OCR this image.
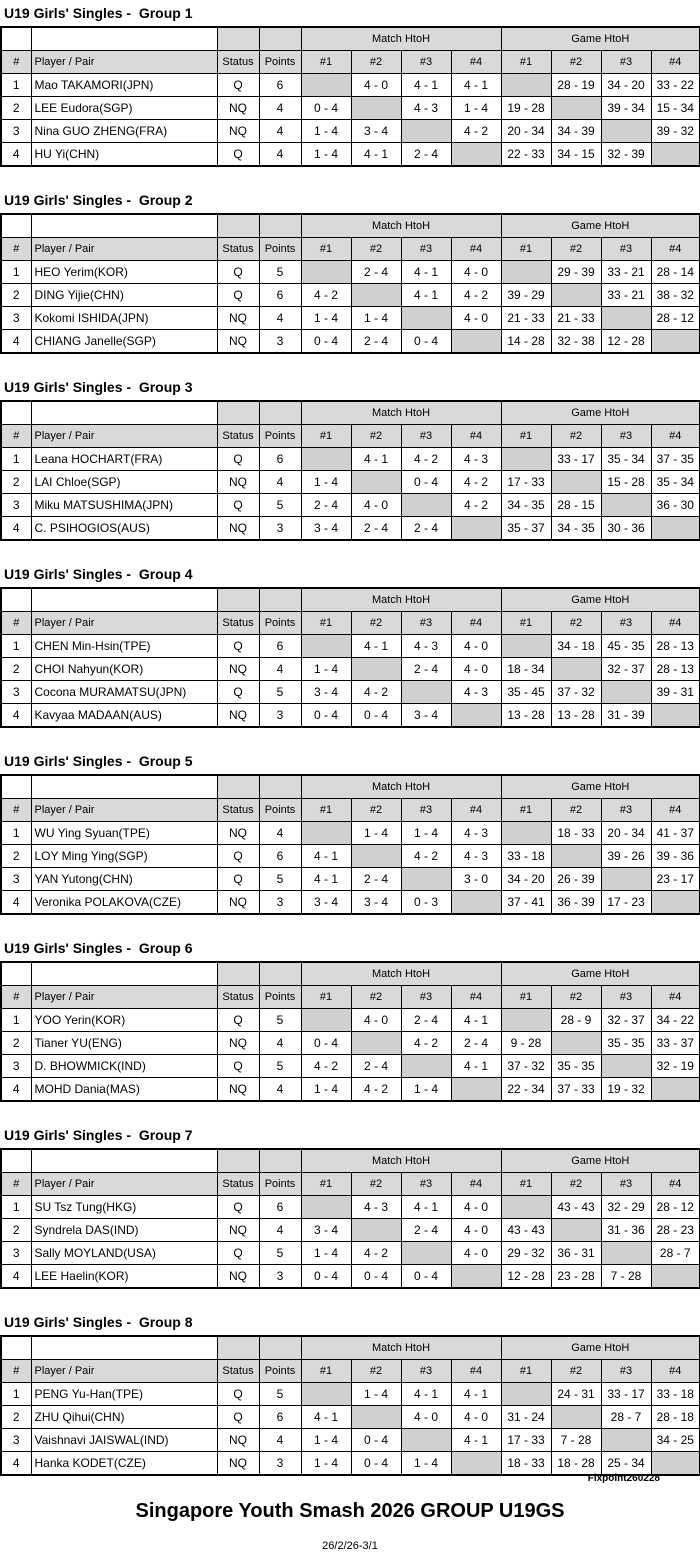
U19 Girls' Singles -  Group 1
				Match HtoH				Game HtoH			
#	Player / Pair	Status	Points	#1	#2	#3	#4	#1	#2	#3	#4
1	Mao TAKAMORI(JPN)	Q	6		4 - 0	4 - 1	4 - 1		28 - 19	34 - 20	33 - 22
2	LEE Eudora(SGP)	NQ	4	0 - 4		4 - 3	1 - 4	19 - 28		39 - 34	15 - 34
3	Nina GUO ZHENG(FRA)	NQ	4	1 - 4	3 - 4		4 - 2	20 - 34	34 - 39		39 - 32
4	HU Yi(CHN)	Q	4	1 - 4	4 - 1	2 - 4		22 - 33	34 - 15	32 - 39	
U19 Girls' Singles -  Group 2
				Match HtoH				Game HtoH			
#	Player / Pair	Status	Points	#1	#2	#3	#4	#1	#2	#3	#4
1	HEO Yerim(KOR)	Q	5		2 - 4	4 - 1	4 - 0		29 - 39	33 - 21	28 - 14
2	DING Yijie(CHN)	Q	6	4 - 2		4 - 1	4 - 2	39 - 29		33 - 21	38 - 32
3	Kokomi ISHIDA(JPN)	NQ	4	1 - 4	1 - 4		4 - 0	21 - 33	21 - 33		28 - 12
4	CHIANG Janelle(SGP)	NQ	3	0 - 4	2 - 4	0 - 4		14 - 28	32 - 38	12 - 28	
U19 Girls' Singles -  Group 3
				Match HtoH				Game HtoH			
#	Player / Pair	Status	Points	#1	#2	#3	#4	#1	#2	#3	#4
1	Leana HOCHART(FRA)	Q	6		4 - 1	4 - 2	4 - 3		33 - 17	35 - 34	37 - 35
2	LAI Chloe(SGP)	NQ	4	1 - 4		0 - 4	4 - 2	17 - 33		15 - 28	35 - 34
3	Miku MATSUSHIMA(JPN)	Q	5	2 - 4	4 - 0		4 - 2	34 - 35	28 - 15		36 - 30
4	C. PSIHOGIOS(AUS)	NQ	3	3 - 4	2 - 4	2 - 4		35 - 37	34 - 35	30 - 36	
U19 Girls' Singles -  Group 4
				Match HtoH				Game HtoH			
#	Player / Pair	Status	Points	#1	#2	#3	#4	#1	#2	#3	#4
1	CHEN Min-Hsin(TPE)	Q	6		4 - 1	4 - 3	4 - 0		34 - 18	45 - 35	28 - 13
2	CHOI Nahyun(KOR)	NQ	4	1 - 4		2 - 4	4 - 0	18 - 34		32 - 37	28 - 13
3	Cocona MURAMATSU(JPN)	Q	5	3 - 4	4 - 2		4 - 3	35 - 45	37 - 32		39 - 31
4	Kavyaa MADAAN(AUS)	NQ	3	0 - 4	0 - 4	3 - 4		13 - 28	13 - 28	31 - 39	
U19 Girls' Singles -  Group 5
				Match HtoH				Game HtoH			
#	Player / Pair	Status	Points	#1	#2	#3	#4	#1	#2	#3	#4
1	WU Ying Syuan(TPE)	NQ	4		1 - 4	1 - 4	4 - 3		18 - 33	20 - 34	41 - 37
2	LOY Ming Ying(SGP)	Q	6	4 - 1		4 - 2	4 - 3	33 - 18		39 - 26	39 - 36
3	YAN Yutong(CHN)	Q	5	4 - 1	2 - 4		3 - 0	34 - 20	26 - 39		23 - 17
4	Veronika POLAKOVA(CZE)	NQ	3	3 - 4	3 - 4	0 - 3		37 - 41	36 - 39	17 - 23	
U19 Girls' Singles -  Group 6
				Match HtoH				Game HtoH			
#	Player / Pair	Status	Points	#1	#2	#3	#4	#1	#2	#3	#4
1	YOO Yerin(KOR)	Q	5		4 - 0	2 - 4	4 - 1		28 - 9	32 - 37	34 - 22
2	Tianer YU(ENG)	NQ	4	0 - 4		4 - 2	2 - 4	9 - 28		35 - 35	33 - 37
3	D. BHOWMICK(IND)	Q	5	4 - 2	2 - 4		4 - 1	37 - 32	35 - 35		32 - 19
4	MOHD Dania(MAS)	NQ	4	1 - 4	4 - 2	1 - 4		22 - 34	37 - 33	19 - 32	
U19 Girls' Singles -  Group 7
				Match HtoH				Game HtoH			
#	Player / Pair	Status	Points	#1	#2	#3	#4	#1	#2	#3	#4
1	SU Tsz Tung(HKG)	Q	6		4 - 3	4 - 1	4 - 0		43 - 43	32 - 29	28 - 12
2	Syndrela DAS(IND)	NQ	4	3 - 4		2 - 4	4 - 0	43 - 43		31 - 36	28 - 23
3	Sally MOYLAND(USA)	Q	5	1 - 4	4 - 2		4 - 0	29 - 32	36 - 31		28 - 7
4	LEE Haelin(KOR)	NQ	3	0 - 4	0 - 4	0 - 4		12 - 28	23 - 28	7 - 28	
U19 Girls' Singles -  Group 8
				Match HtoH				Game HtoH			
#	Player / Pair	Status	Points	#1	#2	#3	#4	#1	#2	#3	#4
1	PENG Yu-Han(TPE)	Q	5		1 - 4	4 - 1	4 - 1		24 - 31	33 - 17	33 - 18
2	ZHU Qihui(CHN)	Q	6	4 - 1		4 - 0	4 - 0	31 - 24		28 - 7	28 - 18
3	Vaishnavi JAISWAL(IND)	NQ	4	1 - 4	0 - 4		4 - 1	17 - 33	7 - 28		34 - 25
4	Hanka KODET(CZE)	NQ	3	1 - 4	0 - 4	1 - 4		18 - 33	18 - 28	25 - 34	
Fixpoint260228
Singapore Youth Smash 2026 GROUP U19GS
26/2/26-3/1
